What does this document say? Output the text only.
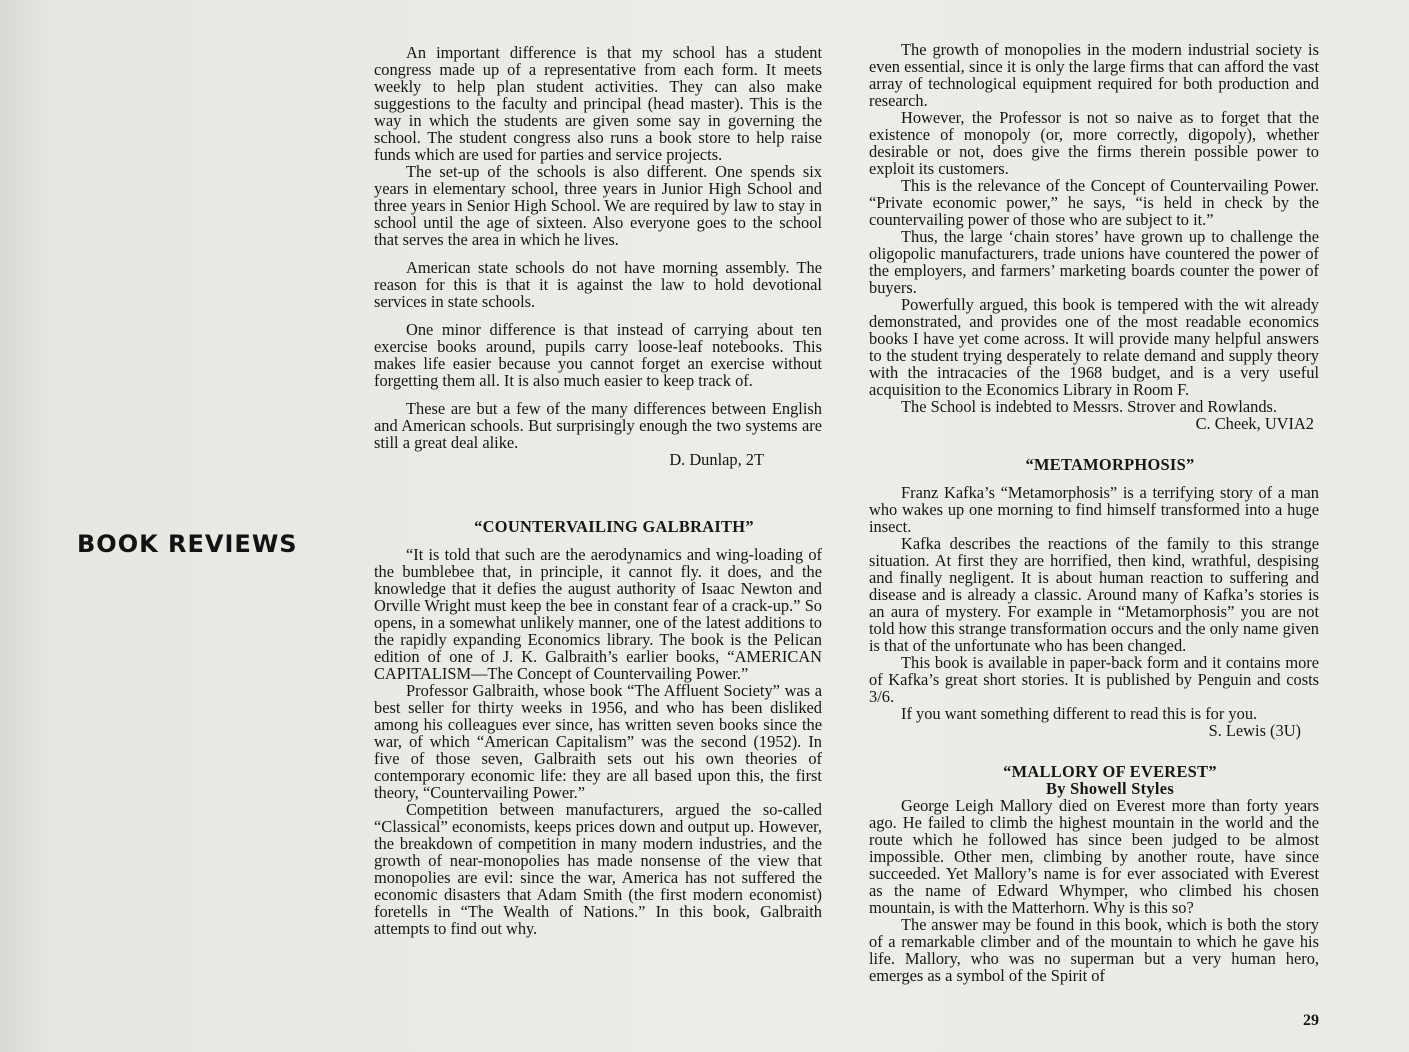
An important difference is that my school has a student congress made up of a representative from each form. It meets weekly to help plan student activities. They can also make suggestions to the faculty and principal (head master). This is the way in which the students are given some say in governing the school. The student congress also runs a book store to help raise funds which are used for parties and service projects.

The set-up of the schools is also different. One spends six years in elementary school, three years in Junior High School and three years in Senior High School. We are required by law to stay in school until the age of sixteen. Also everyone goes to the school that serves the area in which he lives.

American state schools do not have morning assembly. The reason for this is that it is against the law to hold devotional services in state schools.

One minor difference is that instead of carrying about ten exercise books around, pupils carry loose-leaf notebooks. This makes life easier because you cannot forget an exercise without forgetting them all. It is also much easier to keep track of.

These are but a few of the many differences between English and American schools. But surprisingly enough the two systems are still a great deal alike.

D. Dunlap, 2T

“COUNTERVAILING GALBRAITH”

“It is told that such are the aerodynamics and wing-loading of the bumblebee that, in principle, it cannot fly. it does, and the knowledge that it defies the august authority of Isaac Newton and Orville Wright must keep the bee in constant fear of a crack-up.” So opens, in a somewhat unlikely manner, one of the latest additions to the rapidly expanding Economics library. The book is the Pelican edition of one of J. K. Galbraith’s earlier books, “AMERICAN CAPITALISM—The Concept of Countervailing Power.”

Professor Galbraith, whose book “The Affluent Society” was a best seller for thirty weeks in 1956, and who has been disliked among his colleagues ever since, has written seven books since the war, of which “American Capitalism” was the second (1952). In five of those seven, Galbraith sets out his own theories of contemporary economic life: they are all based upon this, the first theory, “Countervailing Power.”

Competition between manufacturers, argued the so-called “Classical” economists, keeps prices down and output up. However, the breakdown of competition in many modern industries, and the growth of near-monopolies has made nonsense of the view that monopolies are evil: since the war, America has not suffered the economic disasters that Adam Smith (the first modern economist) foretells in “The Wealth of Nations.” In this book, Galbraith attempts to find out why.

BOOK REVIEWS

The growth of monopolies in the modern industrial society is even essential, since it is only the large firms that can afford the vast array of technological equipment required for both production and research.

However, the Professor is not so naive as to forget that the existence of monopoly (or, more correctly, digopoly), whether desirable or not, does give the firms therein possible power to exploit its customers.

This is the relevance of the Concept of Countervailing Power. “Private economic power,” he says, “is held in check by the countervailing power of those who are subject to it.”

Thus, the large ‘chain stores’ have grown up to challenge the oligopolic manufacturers, trade unions have countered the power of the employers, and farmers’ marketing boards counter the power of buyers.

Powerfully argued, this book is tempered with the wit already demonstrated, and provides one of the most readable economics books I have yet come across. It will provide many helpful answers to the student trying desperately to relate demand and supply theory with the intracacies of the 1968 budget, and is a very useful acquisition to the Economics Library in Room F.

The School is indebted to Messrs. Strover and Rowlands.

C. Cheek, UVIA2

“METAMORPHOSIS”

Franz Kafka’s “Metamorphosis” is a terrifying story of a man who wakes up one morning to find himself transformed into a huge insect.

Kafka describes the reactions of the family to this strange situation. At first they are horrified, then kind, wrathful, despising and finally negligent. It is about human reaction to suffering and disease and is already a classic. Around many of Kafka’s stories is an aura of mystery. For example in “Metamorphosis” you are not told how this strange transformation occurs and the only name given is that of the unfortunate who has been changed.

This book is available in paper-back form and it contains more of Kafka’s great short stories. It is published by Penguin and costs 3/6.

If you want something different to read this is for you.

S. Lewis (3U)

“MALLORY OF EVEREST”

By Showell Styles

George Leigh Mallory died on Everest more than forty years ago. He failed to climb the highest mountain in the world and the route which he followed has since been judged to be almost impossible. Other men, climbing by another route, have since succeeded. Yet Mallory’s name is for ever associated with Everest as the name of Edward Whymper, who climbed his chosen mountain, is with the Matterhorn. Why is this so?

The answer may be found in this book, which is both the story of a remarkable climber and of the mountain to which he gave his life. Mallory, who was no superman but a very human hero, emerges as a symbol of the Spirit of

29
